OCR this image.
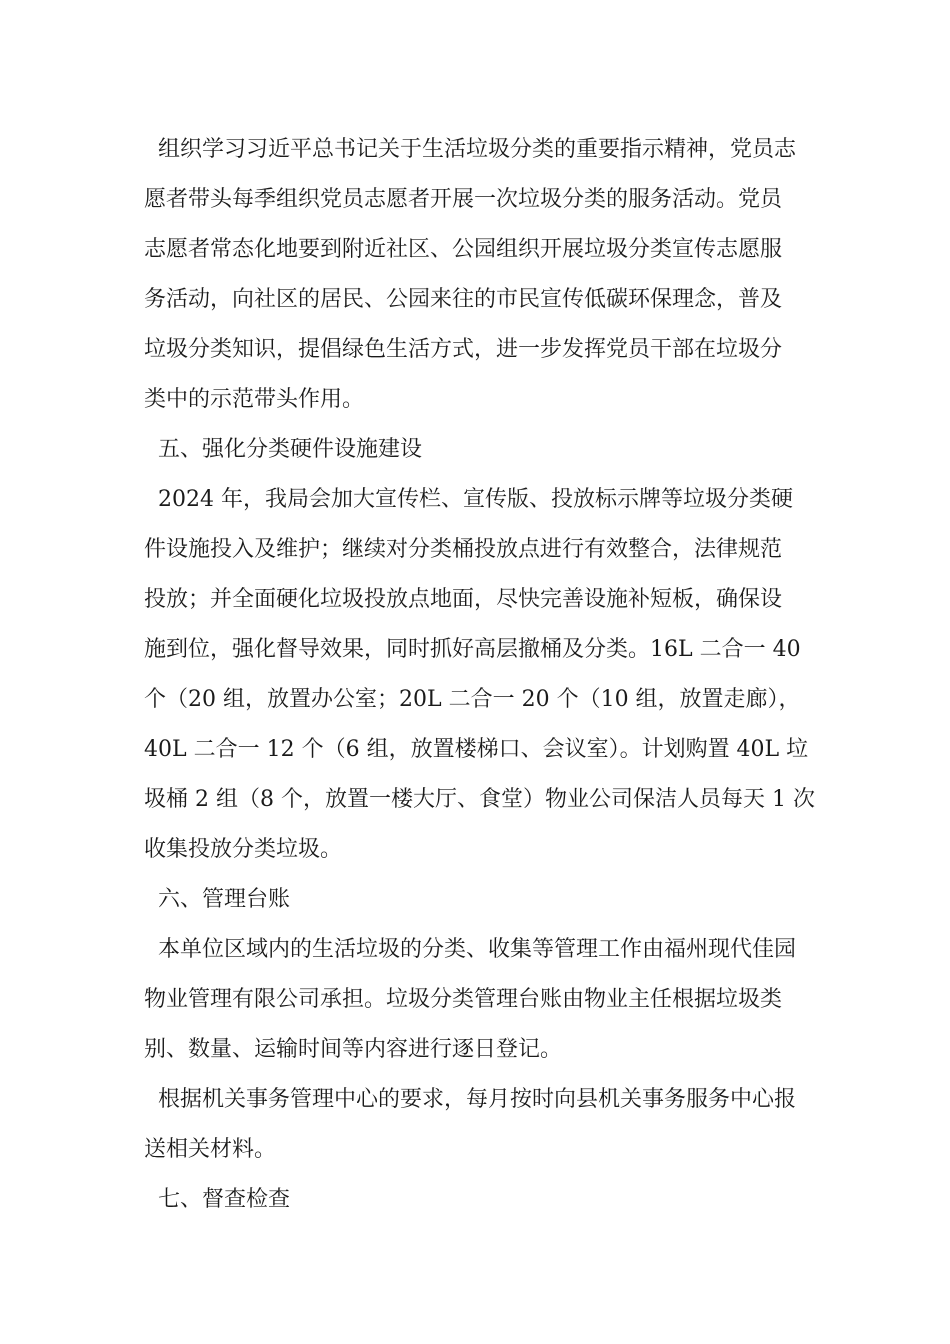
组织学习习近平总书记关于生活垃圾分类的重要指示精神，党员志
愿者带头每季组织党员志愿者开展一次垃圾分类的服务活动。党员
志愿者常态化地要到附近社区、公园组织开展垃圾分类宣传志愿服
务活动，向社区的居民、公园来往的市民宣传低碳环保理念，普及
垃圾分类知识，提倡绿色生活方式，进一步发挥党员干部在垃圾分
类中的示范带头作用。
五、强化分类硬件设施建设
2024 年，我局会加大宣传栏、宣传版、投放标示牌等垃圾分类硬
件设施投入及维护；继续对分类桶投放点进行有效整合，法律规范
投放；并全面硬化垃圾投放点地面，尽快完善设施补短板，确保设
施到位，强化督导效果，同时抓好高层撤桶及分类。16L 二合一 40
个（20 组，放置办公室；20L 二合一 20 个（10 组，放置走廊），
40L 二合一 12 个（6 组，放置楼梯口、会议室）。计划购置 40L 垃
圾桶 2 组（8 个，放置一楼大厅、食堂）物业公司保洁人员每天 1 次
收集投放分类垃圾。
六、管理台账
本单位区域内的生活垃圾的分类、收集等管理工作由福州现代佳园
物业管理有限公司承担。垃圾分类管理台账由物业主任根据垃圾类
别、数量、运输时间等内容进行逐日登记。
根据机关事务管理中心的要求，每月按时向县机关事务服务中心报
送相关材料。
七、督查检查
